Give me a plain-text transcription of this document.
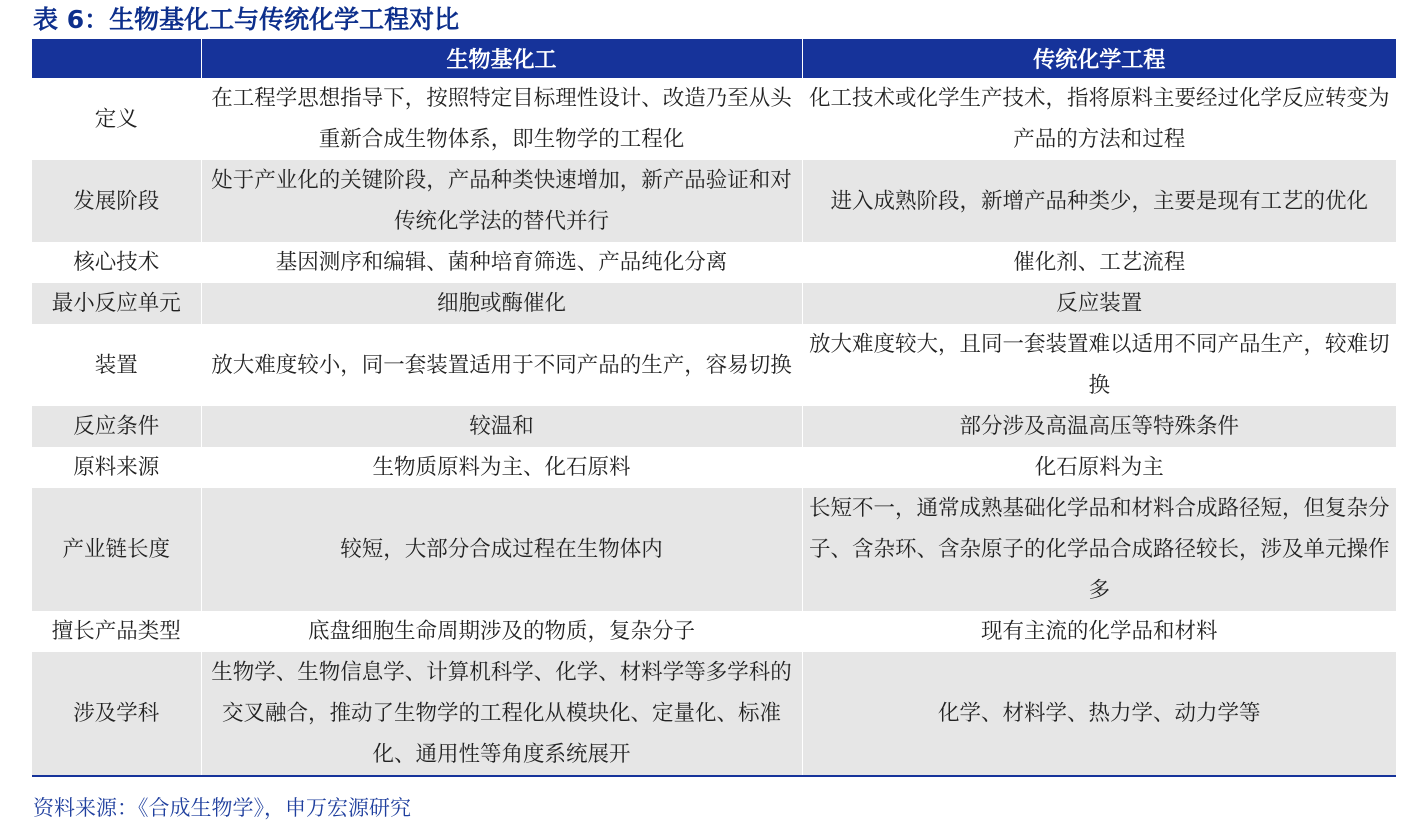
表 6：生物基化工与传统化学工程对比
	生物基化工	传统化学工程
定义	在工程学思想指导下，按照特定目标理性设计、改造乃至从头重新合成生物体系，即生物学的工程化	化工技术或化学生产技术，指将原料主要经过化学反应转变为产品的方法和过程
发展阶段	处于产业化的关键阶段，产品种类快速增加，新产品验证和对传统化学法的替代并行	进入成熟阶段，新增产品种类少，主要是现有工艺的优化
核心技术	基因测序和编辑、菌种培育筛选、产品纯化分离	催化剂、工艺流程
最小反应单元	细胞或酶催化	反应装置
装置	放大难度较小，同一套装置适用于不同产品的生产，容易切换	放大难度较大，且同一套装置难以适用不同产品生产，较难切换
反应条件	较温和	部分涉及高温高压等特殊条件
原料来源	生物质原料为主、化石原料	化石原料为主
产业链长度	较短，大部分合成过程在生物体内	长短不一，通常成熟基础化学品和材料合成路径短，但复杂分子、含杂环、含杂原子的化学品合成路径较长，涉及单元操作多
擅长产品类型	底盘细胞生命周期涉及的物质，复杂分子	现有主流的化学品和材料
涉及学科	生物学、生物信息学、计算机科学、化学、材料学等多学科的交叉融合，推动了生物学的工程化从模块化、定量化、标准化、通用性等角度系统展开	化学、材料学、热力学、动力学等
资料来源：《合成生物学》，申万宏源研究
